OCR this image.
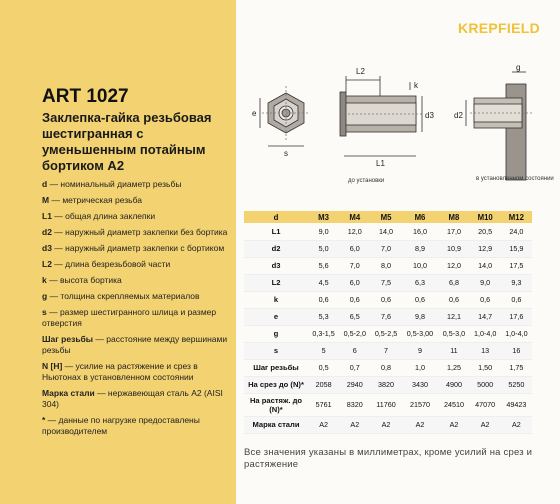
ART 1027
Заклепка-гайка резьбовая шестигранная с уменьшенным потайным бортиком A2
d — номинальный диаметр резьбы
M — метрическая резьба
L1 — общая длина заклепки
d2 — наружный диаметр заклепки без бортика
d3 — наружный диаметр заклепки с бортиком
L2 — длина безрезьбовой части
k — высота бортика
g — толщина скрепляемых материалов
s — размер шестигранного шлица и размер отверстия
Шаг резьбы — расстояние между вершинами резьбы
N [H] — усилие на растяжение и срез в Ньютонах в установленном состоянии
Марка стали — нержавеющая сталь A2 (AISI 304)
* — данные по нагрузке предоставлены производителем
KREPFIELD
e
s
L2
k
d3
L1
d2
g
до установки	в установленном состоянии
d	M3	M4	M5	M6	M8	M10	M12
L1	9,0	12,0	14,0	16,0	17,0	20,5	24,0
d2	5,0	6,0	7,0	8,9	10,9	12,9	15,9
d3	5,6	7,0	8,0	10,0	12,0	14,0	17,5
L2	4,5	6,0	7,5	6,3	6,8	9,0	9,3
k	0,6	0,6	0,6	0,6	0,6	0,6	0,6
e	5,3	6,5	7,6	9,8	12,1	14,7	17,6
g	0,3-1,5	0,5-2,0	0,5-2,5	0,5-3,00	0,5-3,0	1,0-4,0	1,0-4,0
s	5	6	7	9	11	13	16
Шаг резьбы	0,5	0,7	0,8	1,0	1,25	1,50	1,75
На срез до (N)*	2058	2940	3820	3430	4900	5000	5250
На растяж. до (N)*	5761	8320	11760	21570	24510	47070	49423
Марка стали	A2	A2	A2	A2	A2	A2	A2
Все значения указаны в миллиметрах, кроме усилий на срез и растяжение
